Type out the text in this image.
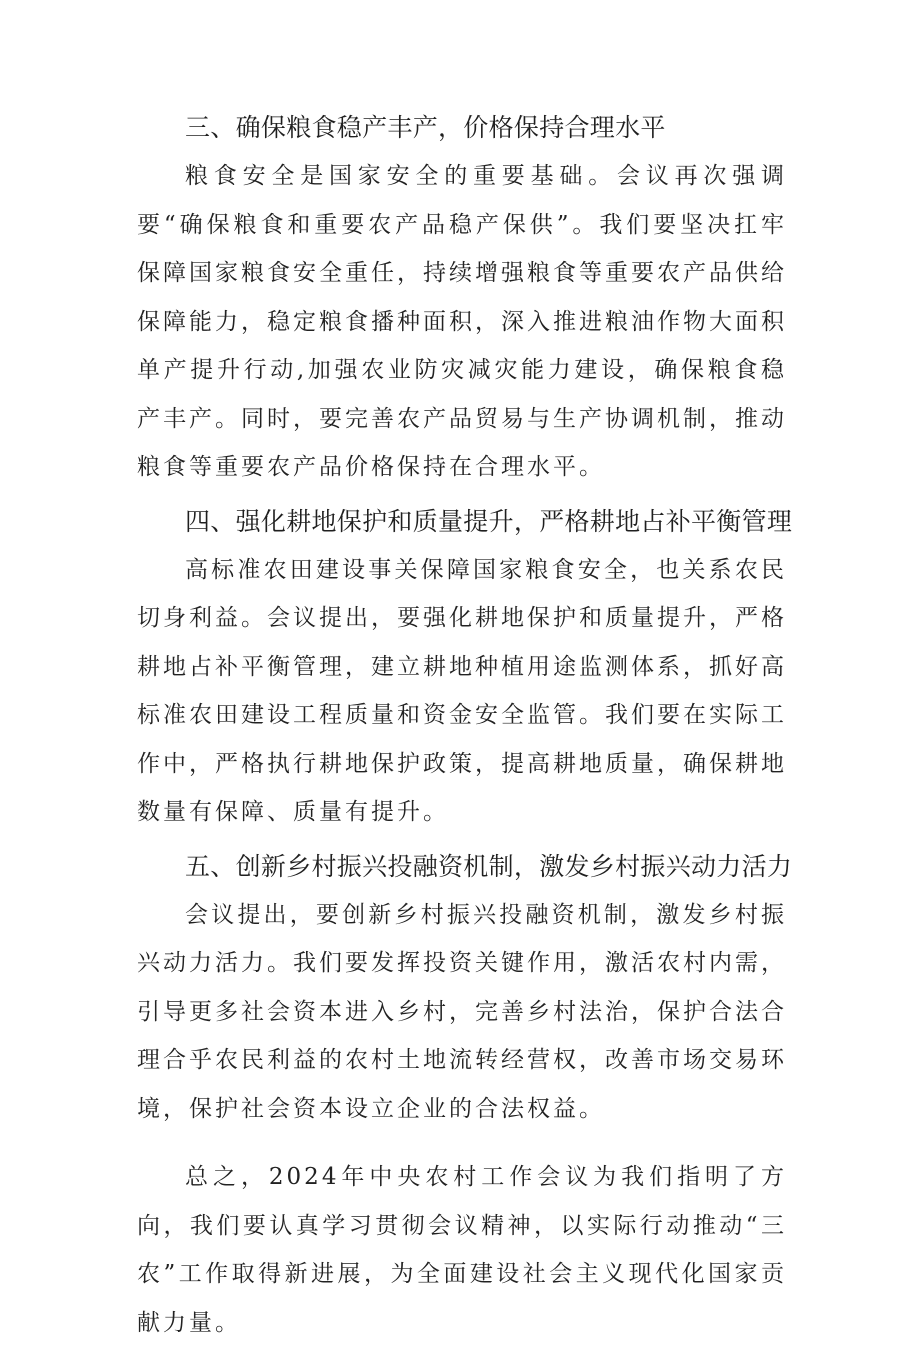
三、确保粮食稳产丰产，价格保持合理水平

粮食安全是国家安全的重要基础。会议再次强调要“确保粮食和重要农产品稳产保供”。我们要坚决扛牢保障国家粮食安全重任，持续增强粮食等重要农产品供给保障能力，稳定粮食播种面积，深入推进粮油作物大面积单产提升行动,加强农业防灾减灾能力建设，确保粮食稳产丰产。同时，要完善农产品贸易与生产协调机制，推动粮食等重要农产品价格保持在合理水平。

四、强化耕地保护和质量提升，严格耕地占补平衡管理

高标准农田建设事关保障国家粮食安全，也关系农民切身利益。会议提出，要强化耕地保护和质量提升，严格耕地占补平衡管理，建立耕地种植用途监测体系，抓好高标准农田建设工程质量和资金安全监管。我们要在实际工作中，严格执行耕地保护政策，提高耕地质量，确保耕地数量有保障、质量有提升。

五、创新乡村振兴投融资机制，激发乡村振兴动力活力

会议提出，要创新乡村振兴投融资机制，激发乡村振兴动力活力。我们要发挥投资关键作用，激活农村内需，引导更多社会资本进入乡村，完善乡村法治，保护合法合理合乎农民利益的农村土地流转经营权，改善市场交易环境，保护社会资本设立企业的合法权益。

总之，2024年中央农村工作会议为我们指明了方向，我们要认真学习贯彻会议精神，以实际行动推动“三农”工作取得新进展，为全面建设社会主义现代化国家贡献力量。
